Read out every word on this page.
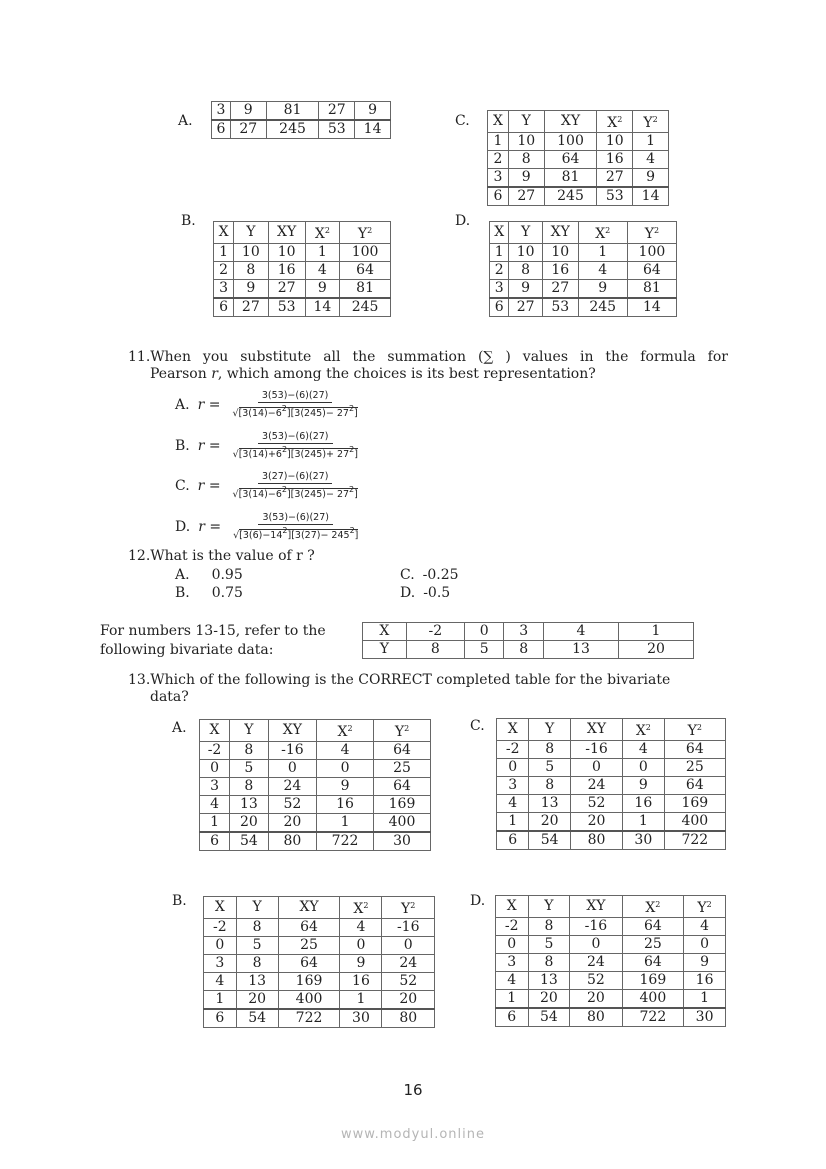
A.
3	9	81	27	9
6	27	245	53	14
B.
X	Y	XY	$X^2$	$Y^2$
1	10	10	1	100
2	8	16	4	64
3	9	27	9	81
6	27	53	14	245
C. X	Y	XY	$X^2$	$Y^2$
1	10	100	10	1
2	8	64	16	4
3	9	81	27	9
6	27	245	53	14
D.
X	Y	XY	$X^2$	$Y^2$
1	10	10	1	100
2	8	16	4	64
3	9	27	9	81
6	27	53	245	14
11.When you substitute all the summation (∑ ) values in the formula for
Pearson r, which among the choices is its best representation?
A. $r = \frac{3(53)-(6)(27)}{√[3(14)-6^2][3(245)- 27^2]}$
B. $r = \frac{3(53)-(6)(27)}{√[3(14)+6^2][3(245)+ 27^2]}$
C. $r = \frac{3(27)-(6)(27)}{√[3(14)-6^2][3(245)- 27^2]}$
D. $r = \frac{3(53)-(6)(27)}{√[3(6)-14^2][3(27)- 245^2]}$
12.What is the value of r ?
A. 0.95
B. 0.75
C. -0.25
D. -0.5
For numbers 13-15, refer to the
following bivariate data:
X	-2	0	3	4	1
Y	8	5	8	13	20
13.Which of the following is the CORRECT completed table for the bivariate
data?
A. X	Y	XY	$X^2$	$Y^2$
-2	8	-16	4	64
0	5	0	0	25
3	8	24	9	64
4	13	52	16	169
1	20	20	1	400
6	54	80	722	30
B. X	Y	XY	$X^2$	$Y^2$
-2	8	64	4	-16
0	5	25	0	0
3	8	64	9	24
4	13	169	16	52
1	20	400	1	20
6	54	722	30	80
C. X	Y	XY	$X^2$	$Y^2$
-2	8	-16	4	64
0	5	0	0	25
3	8	24	9	64
4	13	52	16	169
1	20	20	1	400
6	54	80	30	722
D. X	Y	XY	$X^2$	$Y^2$
-2	8	-16	64	4
0	5	0	25	0
3	8	24	64	9
4	13	52	169	16
1	20	20	400	1
6	54	80	722	30
16
www.modyul.online
